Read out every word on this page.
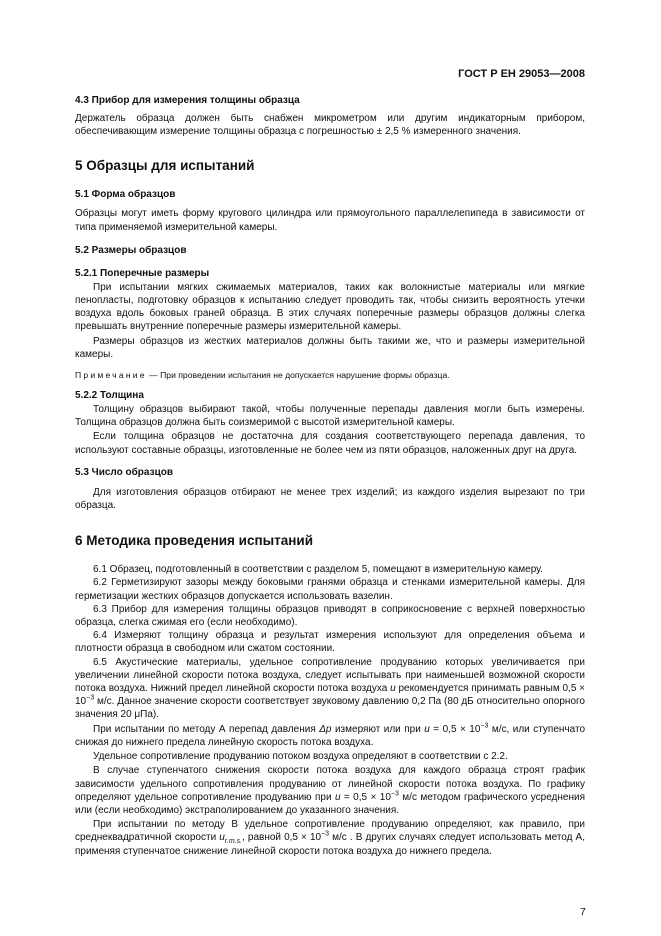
ГОСТ Р ЕН 29053—2008

4.3 Прибор для измерения толщины образца

Держатель образца должен быть снабжен микрометром или другим индикаторным прибором, обеспечивающим измерение толщины образца с погрешностью ± 2,5 % измеренного значения.

5 Образцы для испытаний

5.1 Форма образцов

Образцы могут иметь форму кругового цилиндра или прямоугольного параллелепипеда в зависимости от типа применяемой измерительной камеры.

5.2 Размеры образцов

5.2.1 Поперечные размеры

При испытании мягких сжимаемых материалов, таких как волокнистые материалы или мягкие пенопласты, подготовку образцов к испытанию следует проводить так, чтобы снизить вероятность утечки воздуха вдоль боковых граней образца. В этих случаях поперечные размеры образцов должны слегка превышать внутренние поперечные размеры измерительной камеры.

Размеры образцов из жестких материалов должны быть такими же, что и размеры измерительной камеры.

Примечание — При проведении испытания не допускается нарушение формы образца.

5.2.2 Толщина

Толщину образцов выбирают такой, чтобы полученные перепады давления могли быть измерены. Толщина образцов должна быть соизмеримой с высотой измерительной камеры.

Если толщина образцов не достаточна для создания соответствующего перепада давления, то используют составные образцы, изготовленные не более чем из пяти образцов, наложенных друг на друга.

5.3 Число образцов

Для изготовления образцов отбирают не менее трех изделий; из каждого изделия вырезают по три образца.

6 Методика проведения испытаний

6.1 Образец, подготовленный в соответствии с разделом 5, помещают в измерительную камеру.

6.2 Герметизируют зазоры между боковыми гранями образца и стенками измерительной камеры. Для герметизации жестких образцов допускается использовать вазелин.

6.3 Прибор для измерения толщины образцов приводят в соприкосновение с верхней поверхностью образца, слегка сжимая его (если необходимо).

6.4 Измеряют толщину образца и результат измерения используют для определения объема и плотности образца в свободном или сжатом состоянии.

6.5 Акустические материалы, удельное сопротивление продуванию которых увеличивается при увеличении линейной скорости потока воздуха, следует испытывать при наименьшей возможной скорости потока воздуха. Нижний предел линейной скорости потока воздуха u рекомендуется принимать равным $0,5 \times 10^{-3}$ м/с. Данное значение скорости соответствует звуковому давлению 0,2 Па (80 дБ относительно опорного значения 20 μПа).

При испытании по методу А перепад давления Δp измеряют или при $u = 0,5 \times 10^{-3}$ м/с, или ступенчато снижая до нижнего предела линейную скорость потока воздуха.

Удельное сопротивление продуванию потоком воздуха определяют в соответствии с 2.2.

В случае ступенчатого снижения скорости потока воздуха для каждого образца строят график зависимости удельного сопротивления продуванию от линейной скорости потока воздуха. По графику определяют удельное сопротивление продуванию при $u = 0,5 \times 10^{-3}$ м/с методом графического усреднения или (если необходимо) экстраполированием до указанного значения.

При испытании по методу В удельное сопротивление продуванию определяют, как правило, при среднеквадратичной скорости $u_{r.m.s.}$, равной $0,5 \times 10^{-3}$ м/с . В других случаях следует использовать метод А, применяя ступенчатое снижение линейной скорости потока воздуха до нижнего предела.

7
